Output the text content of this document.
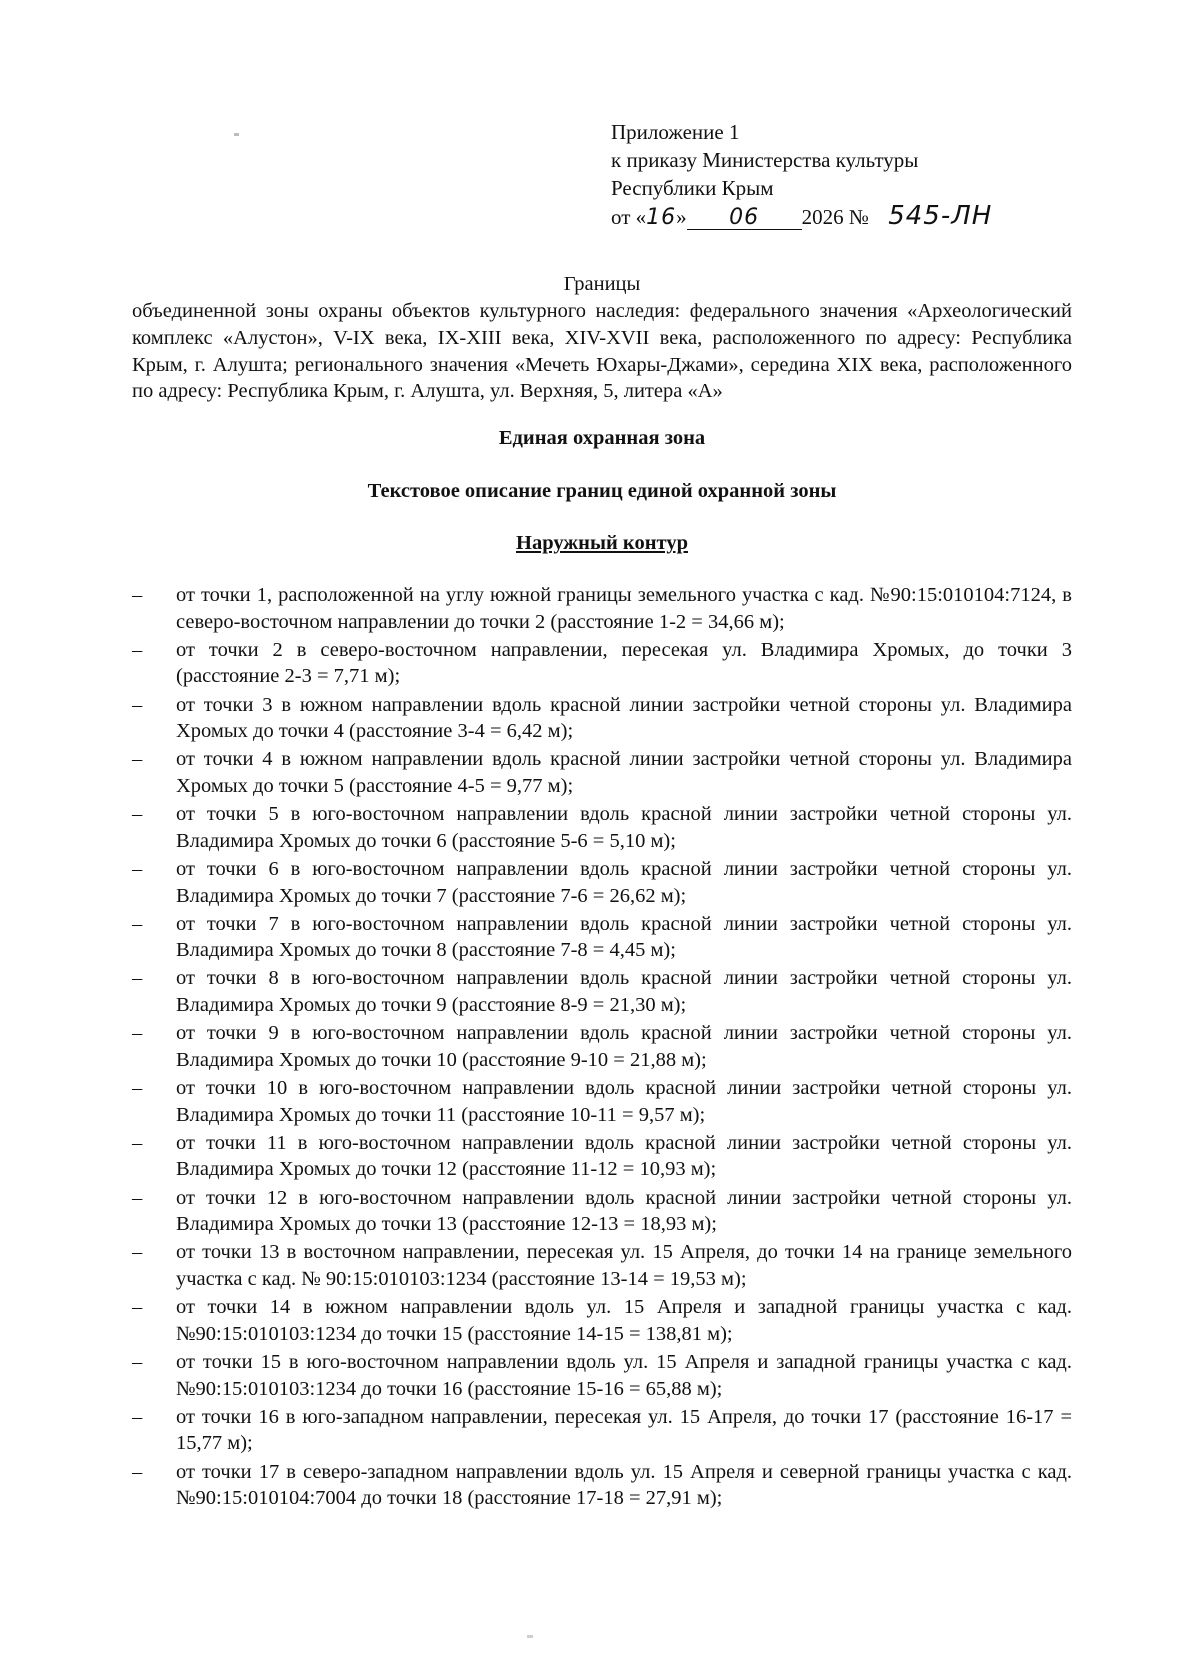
Приложение 1
к приказу Министерства культуры
Республики Крым
от «16» 06 2026 № 545-ЛН
Границы
объединенной зоны охраны объектов культурного наследия: федерального значения «Археологический комплекс «Алустон», V-IX века, IX-XIII века, XIV-XVII века, расположенного по адресу: Республика Крым, г. Алушта; регионального значения «Мечеть Юхары-Джами», середина XIX века, расположенного по адресу: Республика Крым, г. Алушта, ул. Верхняя, 5, литера «А»
Единая охранная зона
Текстовое описание границ единой охранной зоны
Наружный контур
– от точки 1, расположенной на углу южной границы земельного участка с кад. №90:15:010104:7124, в северо-восточном направлении до точки 2 (расстояние 1-2 = 34,66 м);
– от точки 2 в северо-восточном направлении, пересекая ул. Владимира Хромых, до точки 3 (расстояние 2-3 = 7,71 м);
– от точки 3 в южном направлении вдоль красной линии застройки четной стороны ул. Владимира Хромых до точки 4 (расстояние 3-4 = 6,42 м);
– от точки 4 в южном направлении вдоль красной линии застройки четной стороны ул. Владимира Хромых до точки 5 (расстояние 4-5 = 9,77 м);
– от точки 5 в юго-восточном направлении вдоль красной линии застройки четной стороны ул. Владимира Хромых до точки 6 (расстояние 5-6 = 5,10 м);
– от точки 6 в юго-восточном направлении вдоль красной линии застройки четной стороны ул. Владимира Хромых до точки 7 (расстояние 7-6 = 26,62 м);
– от точки 7 в юго-восточном направлении вдоль красной линии застройки четной стороны ул. Владимира Хромых до точки 8 (расстояние 7-8 = 4,45 м);
– от точки 8 в юго-восточном направлении вдоль красной линии застройки четной стороны ул. Владимира Хромых до точки 9 (расстояние 8-9 = 21,30 м);
– от точки 9 в юго-восточном направлении вдоль красной линии застройки четной стороны ул. Владимира Хромых до точки 10 (расстояние 9-10 = 21,88 м);
– от точки 10 в юго-восточном направлении вдоль красной линии застройки четной стороны ул. Владимира Хромых до точки 11 (расстояние 10-11 = 9,57 м);
– от точки 11 в юго-восточном направлении вдоль красной линии застройки четной стороны ул. Владимира Хромых до точки 12 (расстояние 11-12 = 10,93 м);
– от точки 12 в юго-восточном направлении вдоль красной линии застройки четной стороны ул. Владимира Хромых до точки 13 (расстояние 12-13 = 18,93 м);
– от точки 13 в восточном направлении, пересекая ул. 15 Апреля, до точки 14 на границе земельного участка с кад. № 90:15:010103:1234 (расстояние 13-14 = 19,53 м);
– от точки 14 в южном направлении вдоль ул. 15 Апреля и западной границы участка с кад. №90:15:010103:1234 до точки 15 (расстояние 14-15 = 138,81 м);
– от точки 15 в юго-восточном направлении вдоль ул. 15 Апреля и западной границы участка с кад. №90:15:010103:1234 до точки 16 (расстояние 15-16 = 65,88 м);
– от точки 16 в юго-западном направлении, пересекая ул. 15 Апреля, до точки 17 (расстояние 16-17 = 15,77 м);
– от точки 17 в северо-западном направлении вдоль ул. 15 Апреля и северной границы участка с кад. №90:15:010104:7004 до точки 18 (расстояние 17-18 = 27,91 м);
